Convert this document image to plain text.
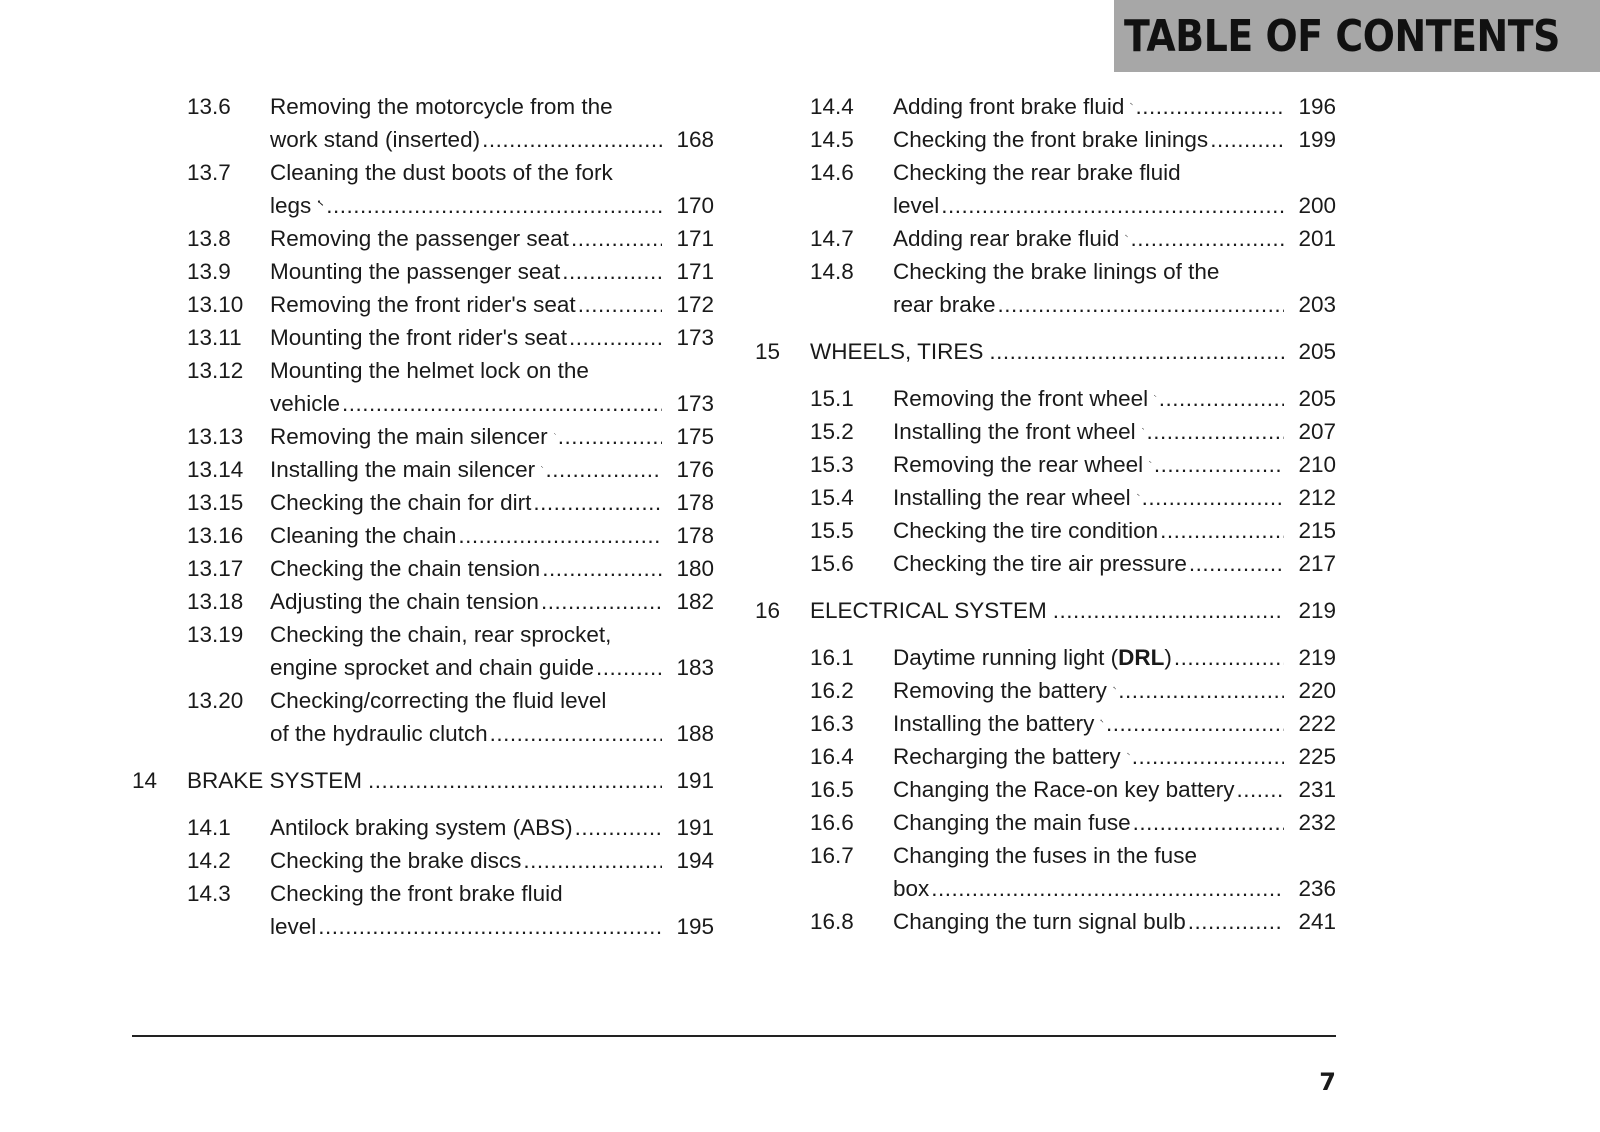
TABLE OF CONTENTS
13.6	Removing the motorcycle from the
work stand (inserted) .....	168
13.7	Cleaning the dust boots of the fork
legs .....	170
13.8	Removing the passenger seat .....	171
13.9	Mounting the passenger seat .....	171
13.10	Removing the front rider's seat .....	172
13.11	Mounting the front rider's seat .....	173
13.12	Mounting the helmet lock on the
vehicle .....	173
13.13	Removing the main silencer .....	175
13.14	Installing the main silencer .....	176
13.15	Checking the chain for dirt .....	178
13.16	Cleaning the chain .....	178
13.17	Checking the chain tension .....	180
13.18	Adjusting the chain tension .....	182
13.19	Checking the chain, rear sprocket,
engine sprocket and chain guide .....	183
13.20	Checking/correcting the fluid level
of the hydraulic clutch .....	188
14	BRAKE SYSTEM .....	191
14.1	Antilock braking system (ABS) .....	191
14.2	Checking the brake discs .....	194
14.3	Checking the front brake fluid
level .....	195
14.4	Adding front brake fluid .....	196
14.5	Checking the front brake linings .....	199
14.6	Checking the rear brake fluid
level .....	200
14.7	Adding rear brake fluid .....	201
14.8	Checking the brake linings of the
rear brake .....	203
15	WHEELS, TIRES .....	205
15.1	Removing the front wheel .....	205
15.2	Installing the front wheel .....	207
15.3	Removing the rear wheel .....	210
15.4	Installing the rear wheel .....	212
15.5	Checking the tire condition .....	215
15.6	Checking the tire air pressure .....	217
16	ELECTRICAL SYSTEM .....	219
16.1	Daytime running light ( DRL ) .....	219
16.2	Removing the battery .....	220
16.3	Installing the battery .....	222
16.4	Recharging the battery .....	225
16.5	Changing the Race-on key battery .....	231
16.6	Changing the main fuse .....	232
16.7	Changing the fuses in the fuse
box .....	236
16.8	Changing the turn signal bulb .....	241
7
